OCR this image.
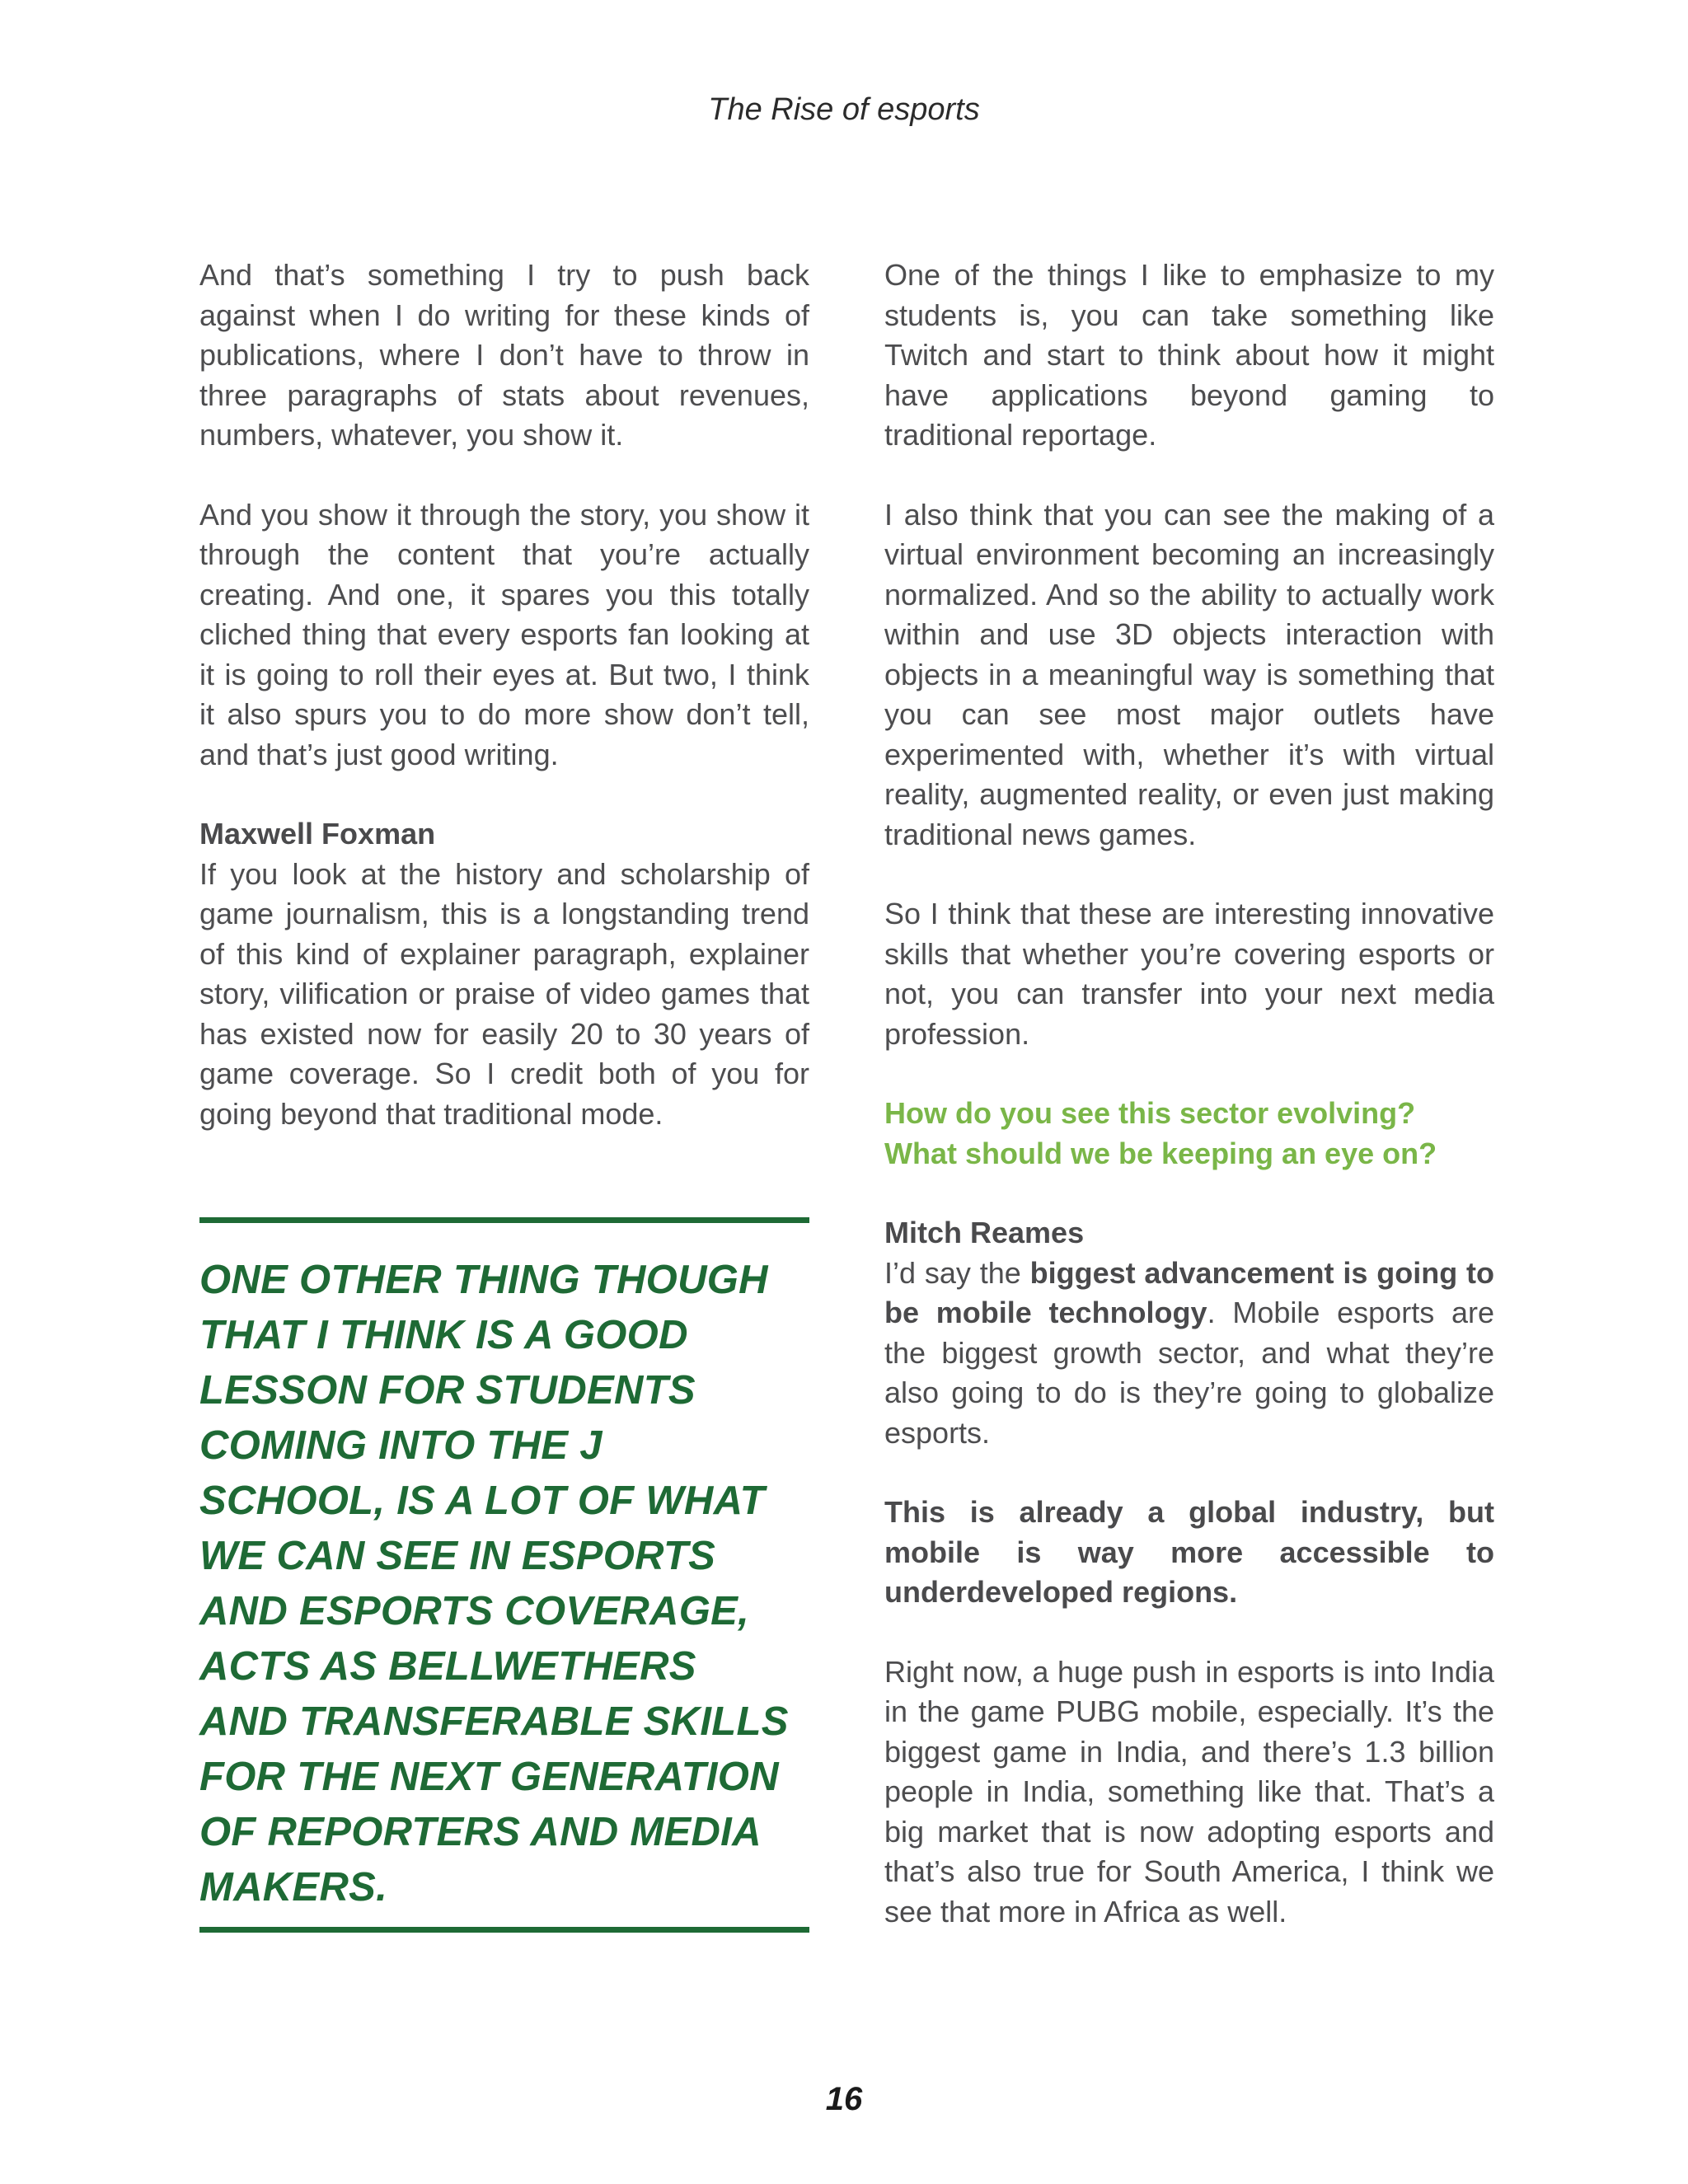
The Rise of esports

And that’s something I try to push back against when I do writing for these kinds of publications, where I don’t have to throw in three paragraphs of stats about revenues, numbers, whatever, you show it.

And you show it through the story, you show it through the content that you’re actually creating. And one, it spares you this totally cliched thing that every esports fan looking at it is going to roll their eyes at. But two, I think it also spurs you to do more show don’t tell, and that’s just good writing.

Maxwell Foxman

If you look at the history and scholarship of game journalism, this is a longstanding trend of this kind of explainer paragraph, explainer story, vilification or praise of video games that has existed now for easily 20 to 30 years of game coverage. So I credit both of you for going beyond that traditional mode.

ONE OTHER THING THOUGH THAT I THINK IS A GOOD LESSON FOR STUDENTS COMING INTO THE J SCHOOL, IS A LOT OF WHAT WE CAN SEE IN ESPORTS AND ESPORTS COVERAGE, ACTS AS BELLWETHERS AND TRANSFERABLE SKILLS FOR THE NEXT GENERATION OF REPORTERS AND MEDIA MAKERS.

One of the things I like to emphasize to my students is, you can take something like Twitch and start to think about how it might have applications beyond gaming to traditional reportage.

I also think that you can see the making of a virtual environment becoming an increasingly normalized. And so the ability to actually work within and use 3D objects interaction with objects in a meaningful way is something that you can see most major outlets have experimented with, whether it’s with virtual reality, augmented reality, or even just making traditional news games.

So I think that these are interesting innovative skills that whether you’re covering esports or not, you can transfer into your next media profession.

How do you see this sector evolving? What should we be keeping an eye on?

Mitch Reames

I’d say the biggest advancement is going to be mobile technology. Mobile esports are the biggest growth sector, and what they’re also going to do is they’re going to globalize esports.

This is already a global industry, but mobile is way more accessible to underdeveloped regions.

Right now, a huge push in esports is into India in the game PUBG mobile, especially. It’s the biggest game in India, and there’s 1.3 billion people in India, something like that. That’s a big market that is now adopting esports and that’s also true for South America, I think we see that more in Africa as well.

16
